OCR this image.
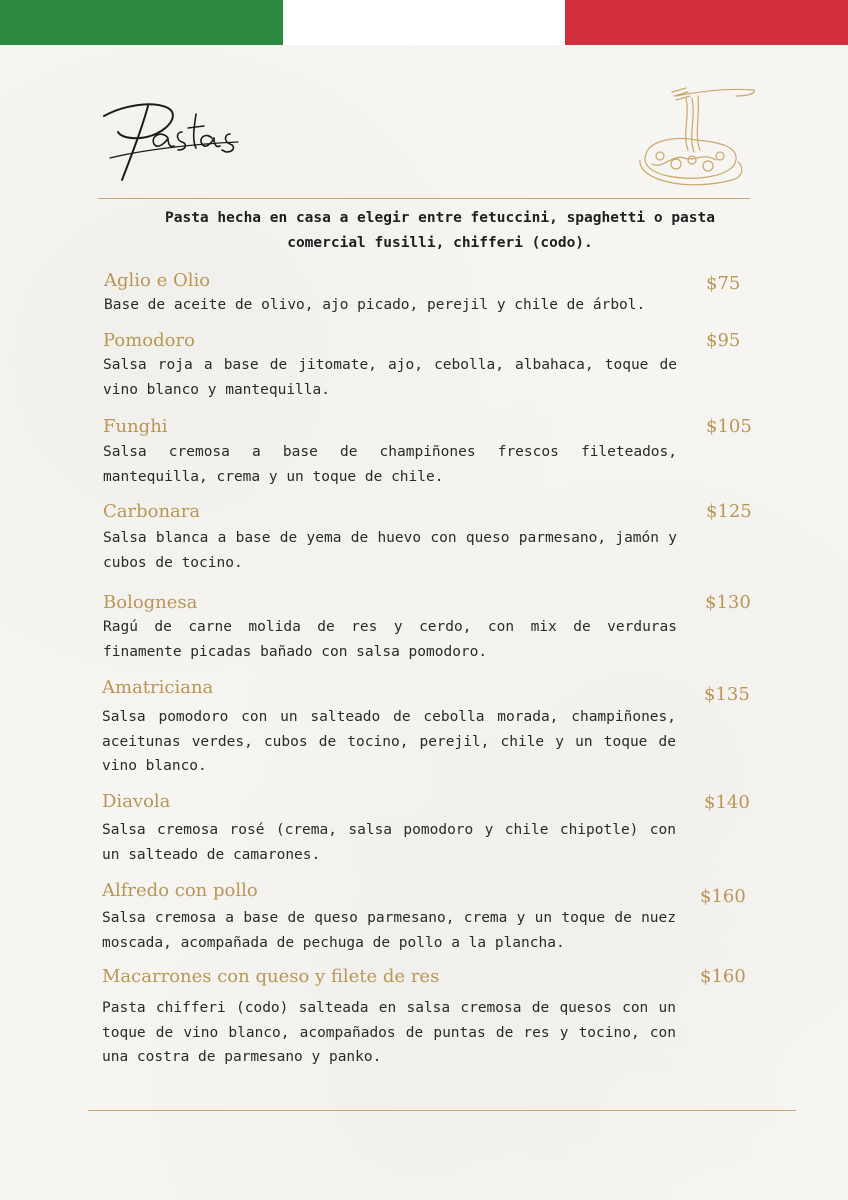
Pasta hecha en casa a elegir entre fetuccini, spaghetti o pasta comercial fusilli, chifferi (codo).
Aglio e Olio	$75
Base de aceite de olivo, ajo picado, perejil y chile de árbol.
Pomodoro	$95
Salsa roja a base de jitomate, ajo, cebolla, albahaca, toque de vino blanco y mantequilla.
Funghi	$105
Salsa cremosa a base de champiñones frescos fileteados, mantequilla, crema y un toque de chile.
Carbonara	$125
Salsa blanca a base de yema de huevo con queso parmesano, jamón y cubos de tocino.
Bolognesa	$130
Ragú de carne molida de res y cerdo, con mix de verduras finamente picadas bañado con salsa pomodoro.
Amatriciana	$135
Salsa pomodoro con un salteado de cebolla morada, champiñones, aceitunas verdes, cubos de tocino, perejil, chile y un toque de vino blanco.
Diavola	$140
Salsa cremosa rosé (crema, salsa pomodoro y chile chipotle) con un salteado de camarones.
Alfredo con pollo	$160
Salsa cremosa a base de queso parmesano, crema y un toque de nuez moscada, acompañada de pechuga de pollo a la plancha.
Macarrones con queso y filete de res	$160
Pasta chifferi (codo) salteada en salsa cremosa de quesos con un toque de vino blanco, acompañados de puntas de res y tocino, con una costra de parmesano y panko.
